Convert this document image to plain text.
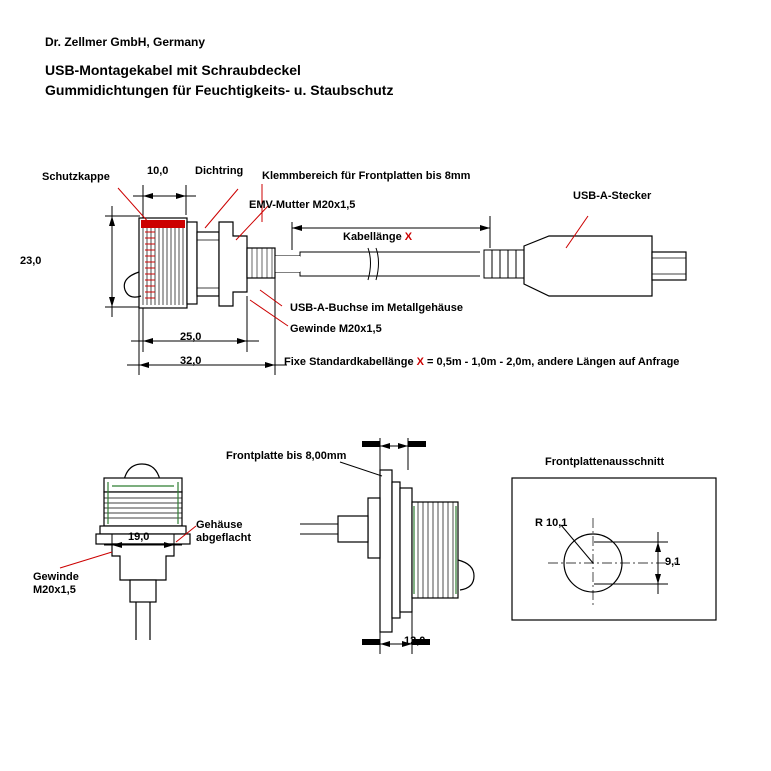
Dr. Zellmer GmbH, Germany
USB-Montagekabel mit Schraubdeckel
Gummidichtungen für Feuchtigkeits- u. Staubschutz
Schutzkappe	10,0 Dichtring Klemmbereich für Frontplatten bis 8mm
EMV-Mutter M20x1,5
USB-A-Stecker
23,0
Kabellänge X
USB-A-Buchse im Metallgehäuse
Gewinde M20x1,5
25,0
32,0	Fixe Standardkabellänge X = 0,5m - 1,0m - 2,0m, andere Längen auf Anfrage
19,0
Gehäuse
abgeflacht
Gewinde
M20x1,5
Frontplatte bis 8,00mm
12,0
Frontplattenausschnitt
R 10,1
9,1
